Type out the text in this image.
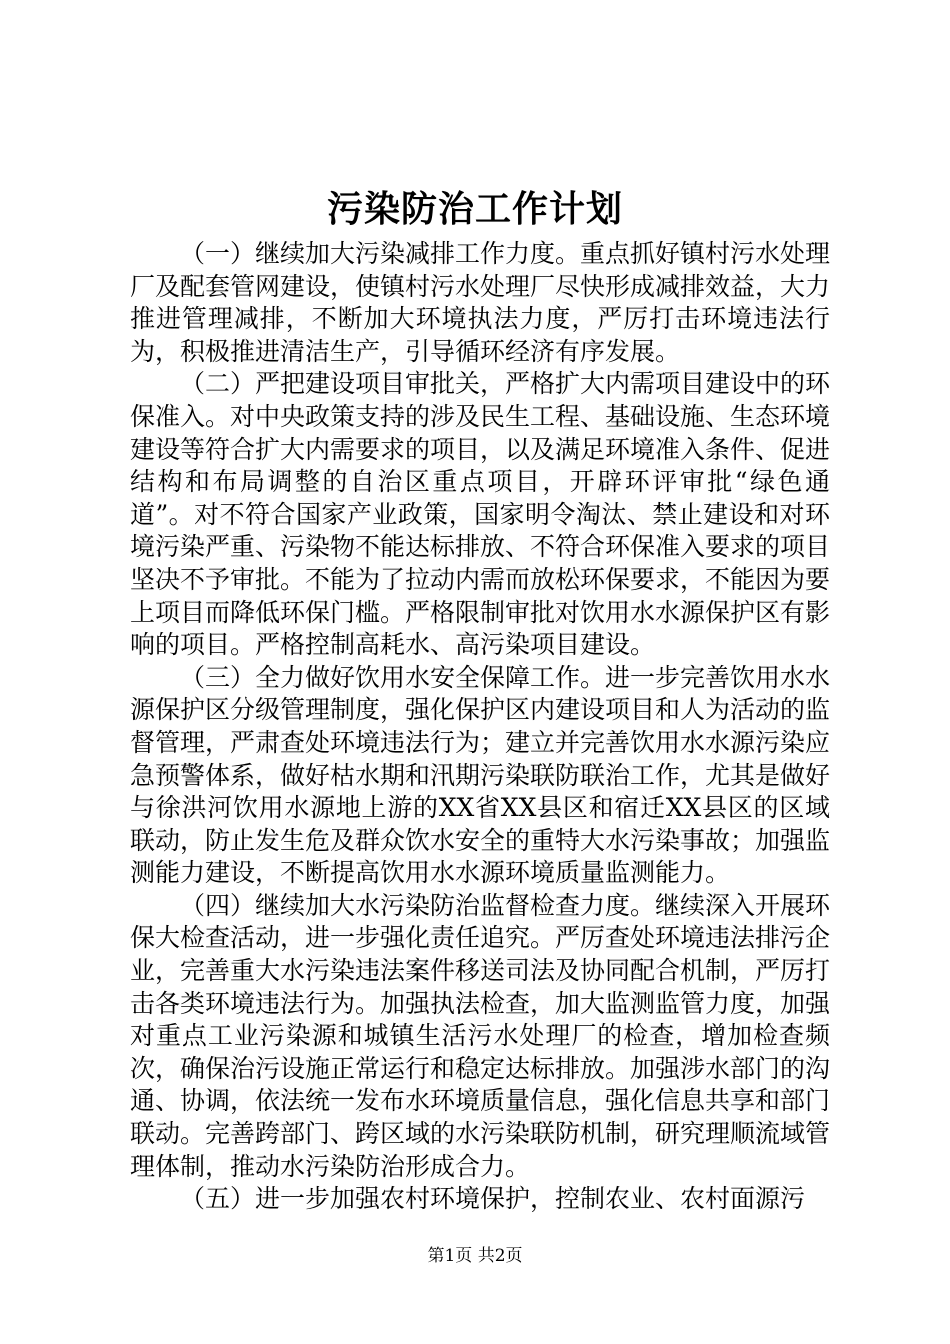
污染防治工作计划

（一）继续加大污染减排工作力度。重点抓好镇村污水处理厂及配套管网建设，使镇村污水处理厂尽快形成减排效益，大力推进管理减排，不断加大环境执法力度，严厉打击环境违法行为，积极推进清洁生产，引导循环经济有序发展。

（二）严把建设项目审批关，严格扩大内需项目建设中的环保准入。对中央政策支持的涉及民生工程、基础设施、生态环境建设等符合扩大内需要求的项目，以及满足环境准入条件、促进结构和布局调整的自治区重点项目，开辟环评审批“绿色通道”。对不符合国家产业政策，国家明令淘汰、禁止建设和对环境污染严重、污染物不能达标排放、不符合环保准入要求的项目坚决不予审批。不能为了拉动内需而放松环保要求，不能因为要上项目而降低环保门槛。严格限制审批对饮用水水源保护区有影响的项目。严格控制高耗水、高污染项目建设。

（三）全力做好饮用水安全保障工作。进一步完善饮用水水源保护区分级管理制度，强化保护区内建设项目和人为活动的监督管理，严肃查处环境违法行为；建立并完善饮用水水源污染应急预警体系，做好枯水期和汛期污染联防联治工作，尤其是做好与徐洪河饮用水源地上游的XX省XX县区和宿迁XX县区的区域联动，防止发生危及群众饮水安全的重特大水污染事故；加强监测能力建设，不断提高饮用水水源环境质量监测能力。

（四）继续加大水污染防治监督检查力度。继续深入开展环保大检查活动，进一步强化责任追究。严厉查处环境违法排污企业，完善重大水污染违法案件移送司法及协同配合机制，严厉打击各类环境违法行为。加强执法检查，加大监测监管力度，加强对重点工业污染源和城镇生活污水处理厂的检查，增加检查频次，确保治污设施正常运行和稳定达标排放。加强涉水部门的沟通、协调，依法统一发布水环境质量信息，强化信息共享和部门联动。完善跨部门、跨区域的水污染联防机制，研究理顺流域管理体制，推动水污染防治形成合力。

（五）进一步加强农村环境保护，控制农业、农村面源污

第1页 共2页
